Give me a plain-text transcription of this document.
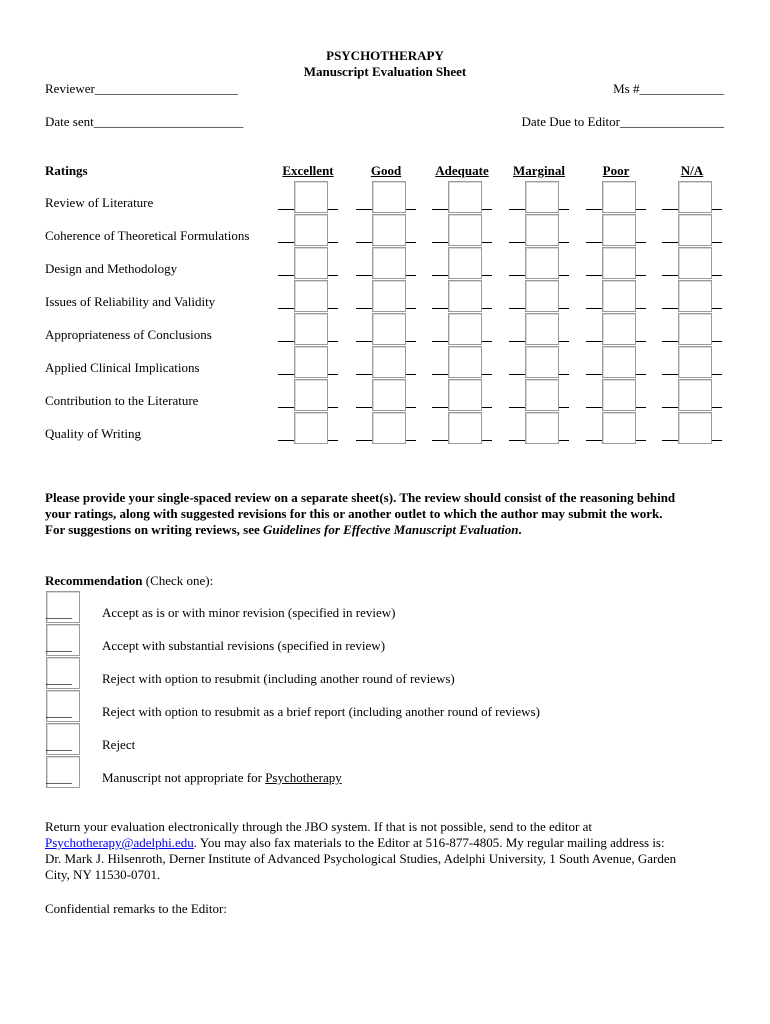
PSYCHOTHERAPY
Manuscript Evaluation Sheet
Reviewer______________________	Ms #_____________
Date sent_______________________	Date Due to Editor________________
Ratings	Excellent	Good	Adequate	Marginal	Poor	N/A
Review of Literature
Coherence of Theoretical Formulations
Design and Methodology
Issues of Reliability and Validity
Appropriateness of Conclusions
Applied Clinical Implications
Contribution to the Literature
Quality of Writing
Please provide your single-spaced review on a separate sheet(s). The review should consist of the reasoning behind
your ratings, along with suggested revisions for this or another outlet to which the author may submit the work.
For suggestions on writing reviews, see Guidelines for Effective Manuscript Evaluation.
Recommendation (Check one):
____ Accept as is or with minor revision (specified in review)
____ Accept with substantial revisions (specified in review)
____ Reject with option to resubmit (including another round of reviews)
____ Reject with option to resubmit as a brief report (including another round of reviews)
____ Reject
____ Manuscript not appropriate for Psychotherapy
Return your evaluation electronically through the JBO system. If that is not possible, send to the editor at
Psychotherapy@adelphi.edu. You may also fax materials to the Editor at 516-877-4805. My regular mailing address is:
Dr. Mark J. Hilsenroth, Derner Institute of Advanced Psychological Studies, Adelphi University, 1 South Avenue, Garden
City, NY 11530-0701.
Confidential remarks to the Editor:
